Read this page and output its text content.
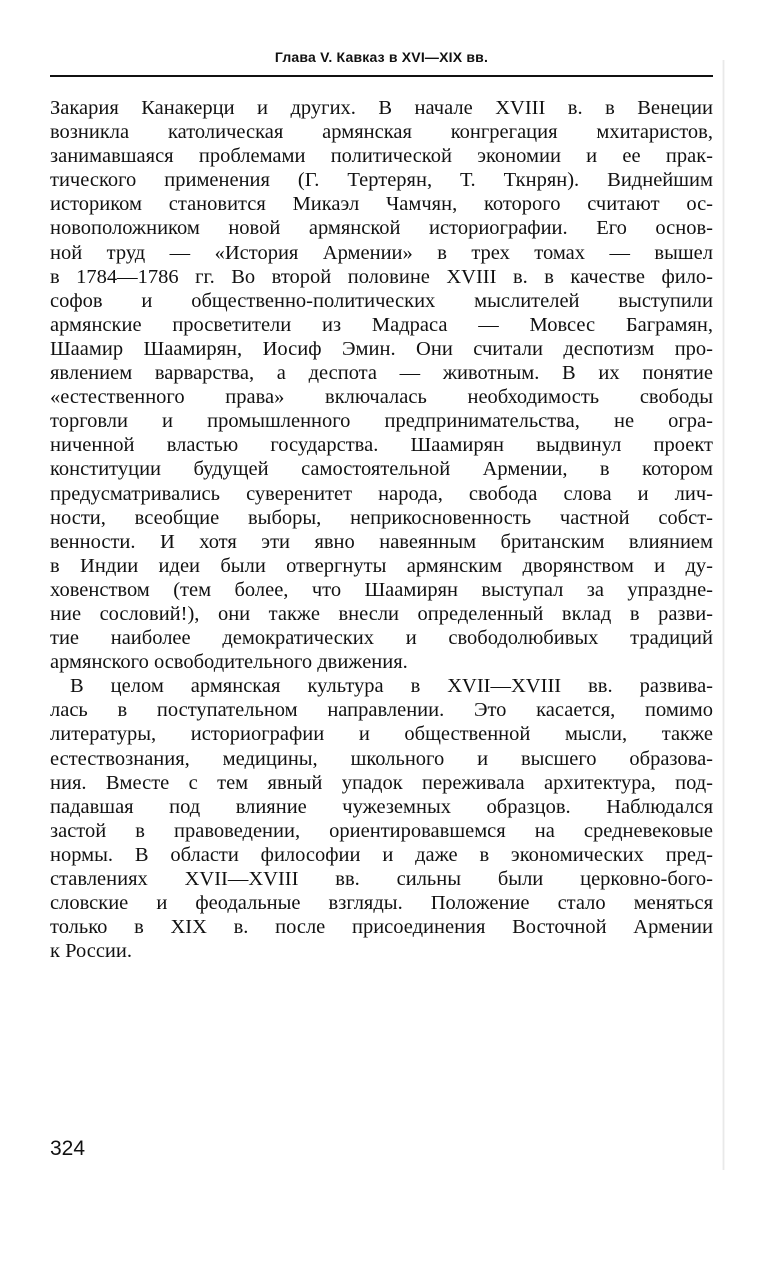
Глава V. Кавказ в XVI—XIX вв.
Закария Канакерци и других. В начале XVIII в. в Венеции
возникла католическая армянская конгрегация мхитаристов,
занимавшаяся проблемами политической экономии и ее прак-
тического применения (Г. Тертерян, Т. Ткнрян). Виднейшим
историком становится Микаэл Чамчян, которого считают ос-
новоположником новой армянской историографии. Его основ-
ной труд — «История Армении» в трех томах — вышел
в 1784—1786 гг. Во второй половине XVIII в. в качестве фило-
софов и общественно-политических мыслителей выступили
армянские просветители из Мадраса — Мовсес Баграмян,
Шаамир Шаамирян, Иосиф Эмин. Они считали деспотизм про-
явлением варварства, а деспота — животным. В их понятие
«естественного права» включалась необходимость свободы
торговли и промышленного предпринимательства, не огра-
ниченной властью государства. Шаамирян выдвинул проект
конституции будущей самостоятельной Армении, в котором
предусматривались суверенитет народа, свобода слова и лич-
ности, всеобщие выборы, неприкосновенность частной собст-
венности. И хотя эти явно навеянным британским влиянием
в Индии идеи были отвергнуты армянским дворянством и ду-
ховенством (тем более, что Шаамирян выступал за упраздне-
ние сословий!), они также внесли определенный вклад в разви-
тие наиболее демократических и свободолюбивых традиций
армянского освободительного движения.
В целом армянская культура в XVII—XVIII вв. развива-
лась в поступательном направлении. Это касается, помимо
литературы, историографии и общественной мысли, также
естествознания, медицины, школьного и высшего образова-
ния. Вместе с тем явный упадок переживала архитектура, под-
падавшая под влияние чужеземных образцов. Наблюдался
застой в правоведении, ориентировавшемся на средневековые
нормы. В области философии и даже в экономических пред-
ставлениях XVII—XVIII вв. сильны были церковно-бого-
словские и феодальные взгляды. Положение стало меняться
только в XIX в. после присоединения Восточной Армении
к России.
324
